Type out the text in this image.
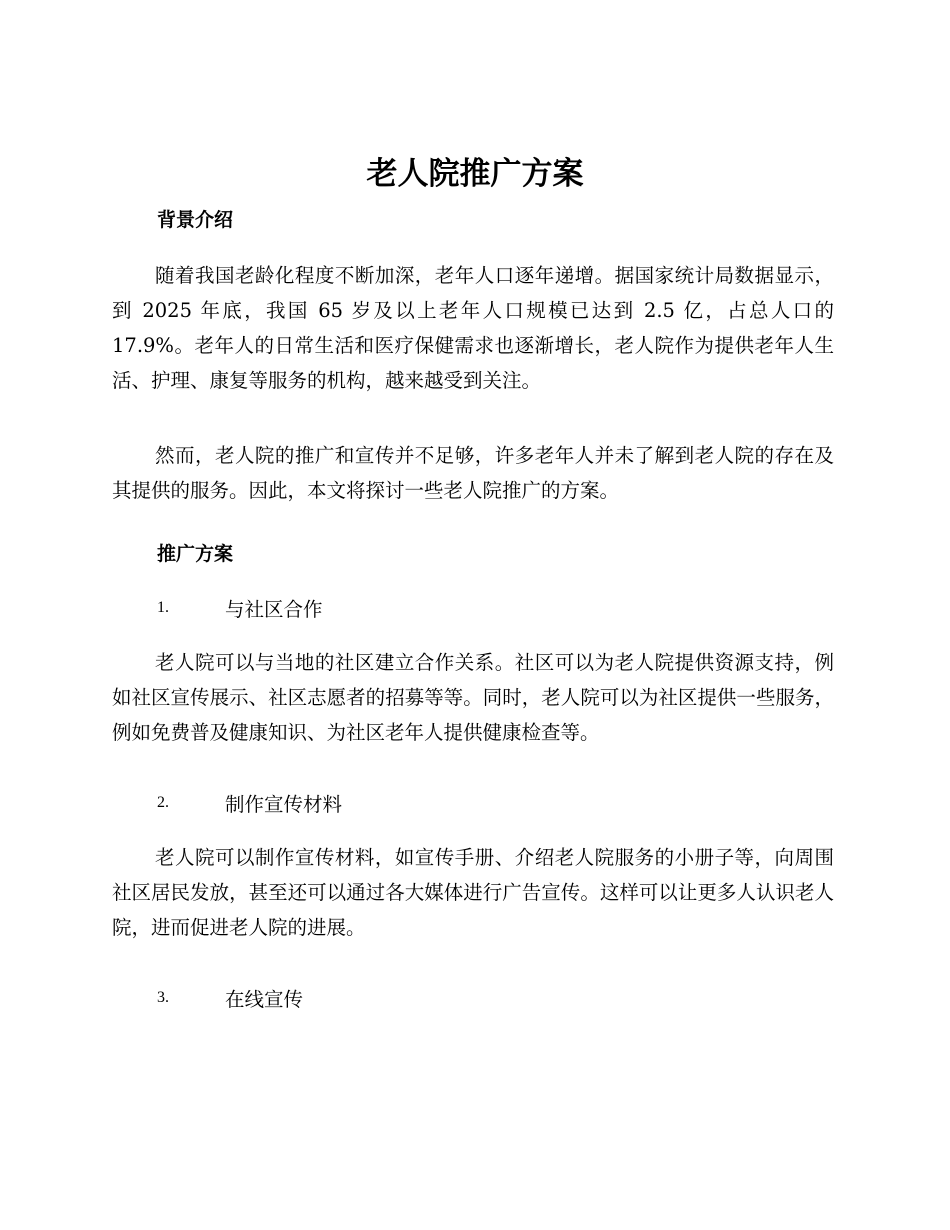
老人院推广方案
背景介绍

随着我国老龄化程度不断加深，老年人口逐年递增。据国家统计局数据显示，到 2025 年底，我国 65 岁及以上老年人口规模已达到 2.5 亿，占总人口的 17.9%。老年人的日常生活和医疗保健需求也逐渐增长，老人院作为提供老年人生活、护理、康复等服务的机构，越来越受到关注。

然而，老人院的推广和宣传并不足够，许多老年人并未了解到老人院的存在及其提供的服务。因此，本文将探讨一些老人院推广的方案。

推广方案
1.	与社区合作

老人院可以与当地的社区建立合作关系。社区可以为老人院提供资源支持，例如社区宣传展示、社区志愿者的招募等等。同时，老人院可以为社区提供一些服务，例如免费普及健康知识、为社区老年人提供健康检查等。

2.	制作宣传材料

老人院可以制作宣传材料，如宣传手册、介绍老人院服务的小册子等，向周围社区居民发放，甚至还可以通过各大媒体进行广告宣传。这样可以让更多人认识老人院，进而促进老人院的进展。

3.	在线宣传
